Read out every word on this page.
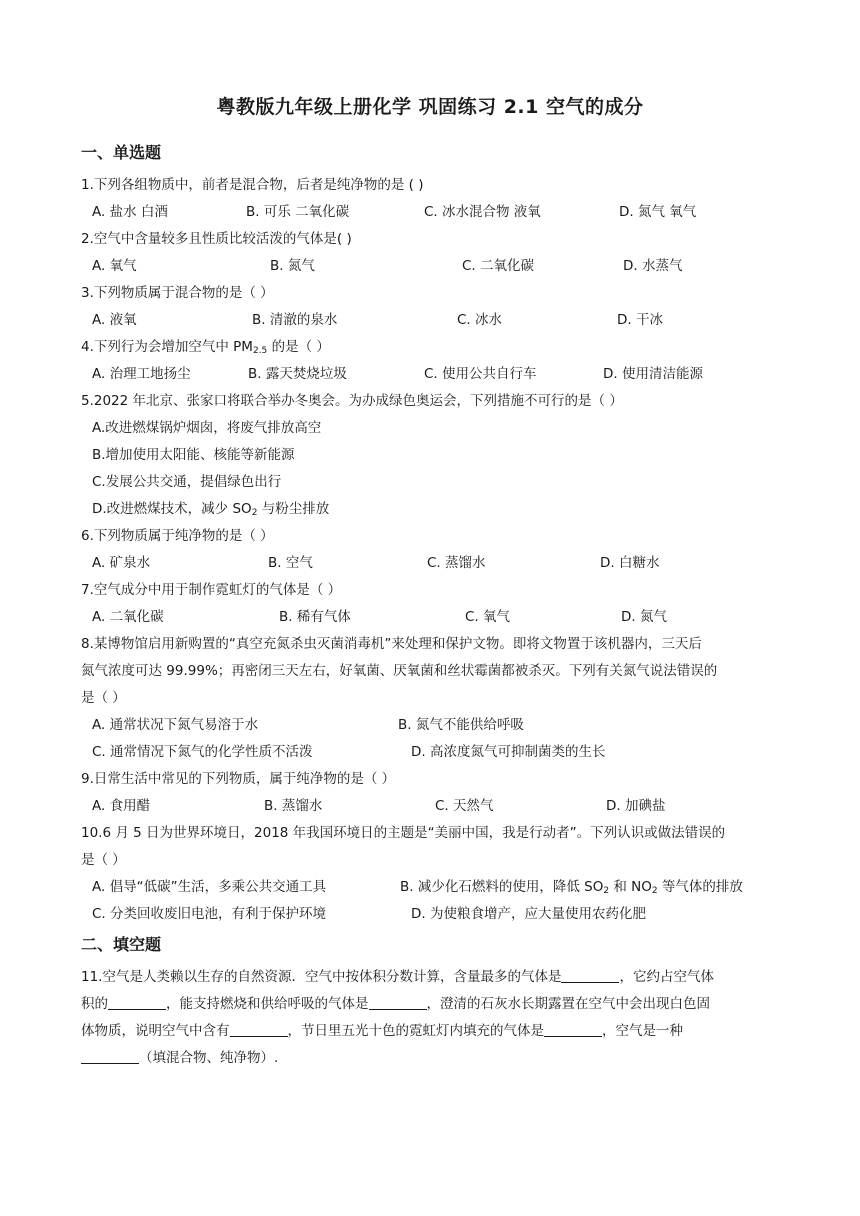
粤教版九年级上册化学 巩固练习 2.1 空气的成分
一、单选题
1.下列各组物质中，前者是混合物，后者是纯净物的是 ( )
A. 盐水 白酒	B. 可乐 二氧化碳	C. 冰水混合物 液氧	D. 氮气 氧气
2.空气中含量较多且性质比较活泼的气体是( )
A. 氧气	B. 氮气	C. 二氧化碳	D. 水蒸气
3.下列物质属于混合物的是（ ）
A. 液氧	B. 清澈的泉水	C. 冰水	D. 干冰
4.下列行为会增加空气中 $PM_{2.5}$ 的是（ ）
A. 治理工地扬尘	B. 露天焚烧垃圾	C. 使用公共自行车	D. 使用清洁能源
5.2022 年北京、张家口将联合举办冬奥会。为办成绿色奥运会，下列措施不可行的是（ ）
A.改进燃煤锅炉烟囱，将废气排放高空
B.增加使用太阳能、核能等新能源
C.发展公共交通，提倡绿色出行
D.改进燃煤技术，减少 $SO_2$ 与粉尘排放
6.下列物质属于纯净物的是（ ）
A. 矿泉水	B. 空气	C. 蒸馏水	D. 白糖水
7.空气成分中用于制作霓虹灯的气体是（ ）
A. 二氧化碳	B. 稀有气体	C. 氧气	D. 氮气
8.某博物馆启用新购置的“真空充氮杀虫灭菌消毒机”来处理和保护文物。即将文物置于该机器内，三天后
氮气浓度可达 99.99%；再密闭三天左右，好氧菌、厌氧菌和丝状霉菌都被杀灭。下列有关氮气说法错误的
是（ ）
A. 通常状况下氮气易溶于水	B. 氮气不能供给呼吸
C. 通常情况下氮气的化学性质不活泼	D. 高浓度氮气可抑制菌类的生长
9.日常生活中常见的下列物质，属于纯净物的是（ ）
A. 食用醋	B. 蒸馏水	C. 天然气	D. 加碘盐
10.6 月 5 日为世界环境日，2018 年我国环境日的主题是“美丽中国，我是行动者”。下列认识或做法错误的
是（ ）
A. 倡导“低碳”生活，多乘公共交通工具	B. 减少化石燃料的使用，降低 $SO_2$ 和 $NO_2$ 等气体的排放
C. 分类回收废旧电池，有利于保护环境	D. 为使粮食增产，应大量使用农药化肥
二、填空题
11.空气是人类赖以生存的自然资源．空气中按体积分数计算，含量最多的气体是	，它约占空气体
积的	，能支持燃烧和供给呼吸的气体是	，澄清的石灰水长期露置在空气中会出现白色固
体物质，说明空气中含有	，节日里五光十色的霓虹灯内填充的气体是	，空气是一种
（填混合物、纯净物）.
